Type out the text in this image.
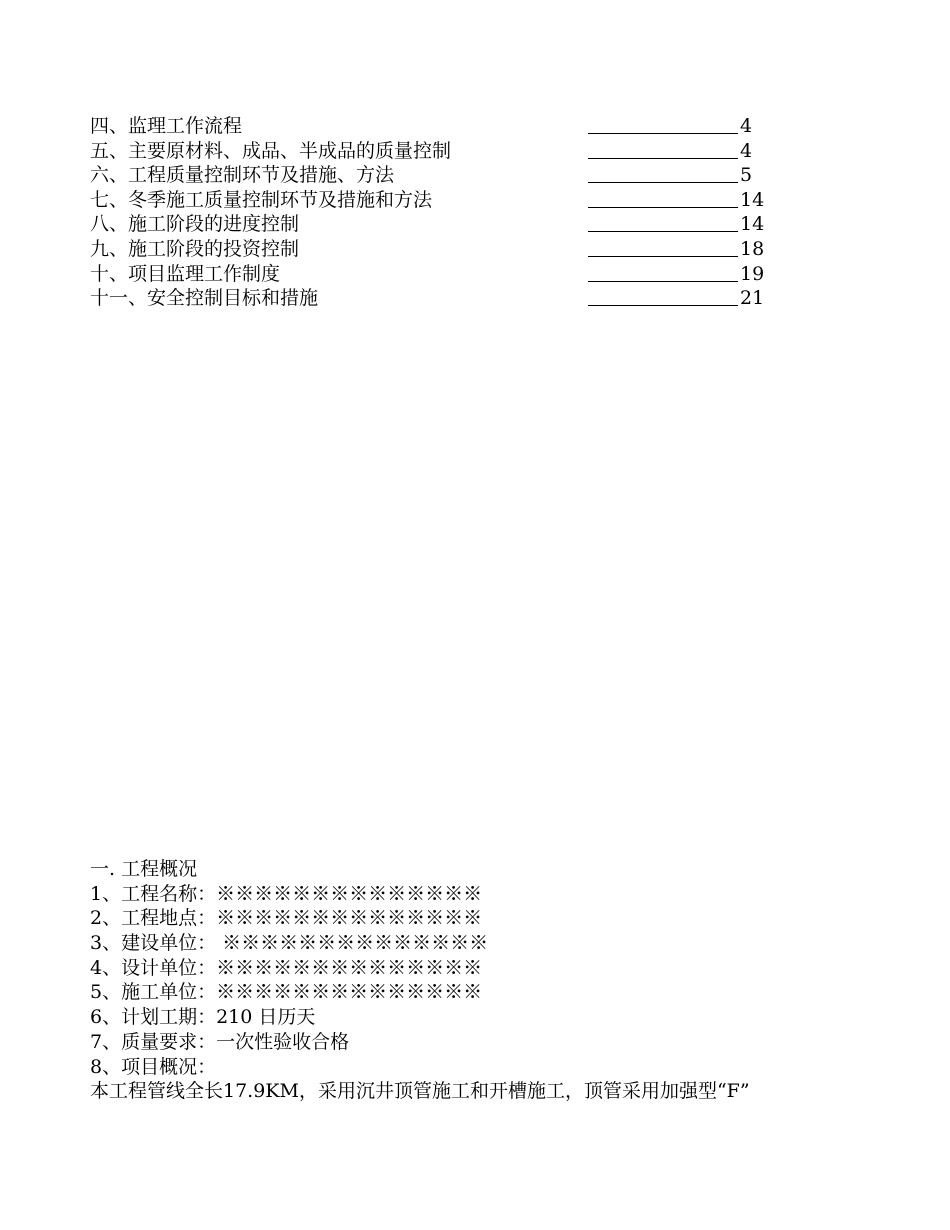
四、监理工作流程	4
五、主要原材料、成品、半成品的质量控制	4
六、工程质量控制环节及措施、方法	5
七、冬季施工质量控制环节及措施和方法	14
八、施工阶段的进度控制	14
九、施工阶段的投资控制	18
十、项目监理工作制度	19
十一、安全控制目标和措施	21
一. 工程概况
1、工程名称：※※※※※※※※※※※※※※
2、工程地点：※※※※※※※※※※※※※※
3、建设单位： ※※※※※※※※※※※※※※
4、设计单位：※※※※※※※※※※※※※※
5、施工单位：※※※※※※※※※※※※※※
6、计划工期：210 日历天
7、质量要求：一次性验收合格
8、项目概况：
本工程管线全长17.9KM，采用沉井顶管施工和开槽施工，顶管采用加强型“F”
